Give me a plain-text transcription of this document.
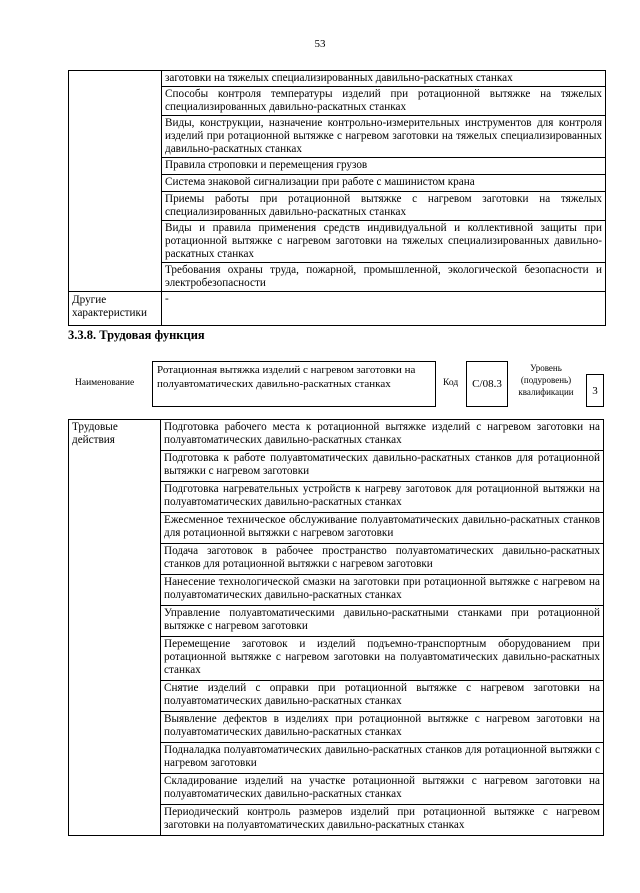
53
	заготовки на тяжелых специализированных давильно-раскатных станках
	Способы контроля температуры изделий при ротационной вытяжке на тяжелых специализированных давильно-раскатных станках
	Виды, конструкции, назначение контрольно-измерительных инструментов для контроля изделий при ротационной вытяжке с нагревом заготовки на тяжелых специализированных давильно-раскатных станках
	Правила строповки и перемещения грузов
	Система знаковой сигнализации при работе с машинистом крана
	Приемы работы при ротационной вытяжке с нагревом заготовки на тяжелых специализированных давильно-раскатных станках
	Виды и правила применения средств индивидуальной и коллективной защиты при ротационной вытяжке с нагревом заготовки на тяжелых специализированных давильно-раскатных станках
	Требования охраны труда, пожарной, промышленной, экологической безопасности и электробезопасности
Другие характеристики	-
3.3.8. Трудовая функция
Наименование
Ротационная вытяжка изделий с нагревом заготовки на полуавтоматических давильно-раскатных станках	Код	C/08.3
Уровень (подуровень) квалификации	3
Трудовые действия	Подготовка рабочего места к ротационной вытяжке изделий с нагревом заготовки на полуавтоматических давильно-раскатных станках
Подготовка к работе полуавтоматических давильно-раскатных станков для ротационной вытяжки с нагревом заготовки
Подготовка нагревательных устройств к нагреву заготовок для ротационной вытяжки на полуавтоматических давильно-раскатных станках
Ежесменное техническое обслуживание полуавтоматических давильно-раскатных станков для ротационной вытяжки с нагревом заготовки
Подача заготовок в рабочее пространство полуавтоматических давильно-раскатных станков для ротационной вытяжки с нагревом заготовки
Нанесение технологической смазки на заготовки при ротационной вытяжке с нагревом на полуавтоматических давильно-раскатных станках
Управление полуавтоматическими давильно-раскатными станками при ротационной вытяжке с нагревом заготовки
Перемещение заготовок и изделий подъемно-транспортным оборудованием при ротационной вытяжке с нагревом заготовки на полуавтоматических давильно-раскатных станках
Снятие изделий с оправки при ротационной вытяжке с нагревом заготовки на полуавтоматических давильно-раскатных станках
Выявление дефектов в изделиях при ротационной вытяжке с нагревом заготовки на полуавтоматических давильно-раскатных станках
Подналадка полуавтоматических давильно-раскатных станков для ротационной вытяжки с нагревом заготовки
Складирование изделий на участке ротационной вытяжки с нагревом заготовки на полуавтоматических давильно-раскатных станках
Периодический контроль размеров изделий при ротационной вытяжке с нагревом заготовки на полуавтоматических давильно-раскатных станках
